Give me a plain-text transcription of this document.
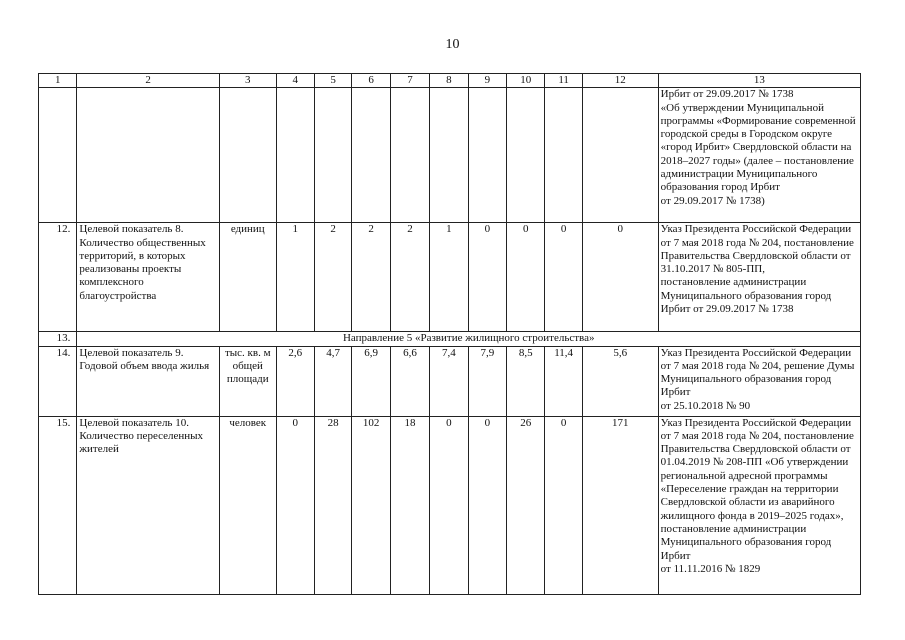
10
1	2	3	4	5	6	7	8	9	10	11	12	13
												Ирбит от 29.09.2017 № 1738
«Об утверждении Муниципальной программы «Формирование современной городской среды в Городском округе «город Ирбит» Свердловской области на 2018–2027 годы» (далее – постановление администрации Муниципального образования город Ирбит
от 29.09.2017 № 1738)
12.	Целевой показатель 8. Количество общественных территорий, в которых реализованы проекты комплексного благоустройства	единиц	1	2	2	2	1	0	0	0	0	Указ Президента Российской Федерации от 7 мая 2018 года № 204, постановление Правительства Свердловской области от 31.10.2017 № 805-ПП,
постановление администрации Муниципального образования город Ирбит от 29.09.2017 № 1738
13.	Направление 5 «Развитие жилищного строительства»											
14.	Целевой показатель 9. Годовой объем ввода жилья	тыс. кв. м общей площади	2,6	4,7	6,9	6,6	7,4	7,9	8,5	11,4	5,6	Указ Президента Российской Федерации от 7 мая 2018 года № 204, решение Думы Муниципального образования город Ирбит
от 25.10.2018 № 90
15.	Целевой показатель 10. Количество переселенных жителей	человек	0	28	102	18	0	0	26	0	171	Указ Президента Российской Федерации от 7 мая 2018 года № 204, постановление Правительства Свердловской области от 01.04.2019 № 208-ПП «Об утверждении региональной адресной программы «Переселение граждан на территории Свердловской области из аварийного жилищного фонда в 2019–2025 годах», постановление администрации Муниципального образования город Ирбит
от 11.11.2016 № 1829
